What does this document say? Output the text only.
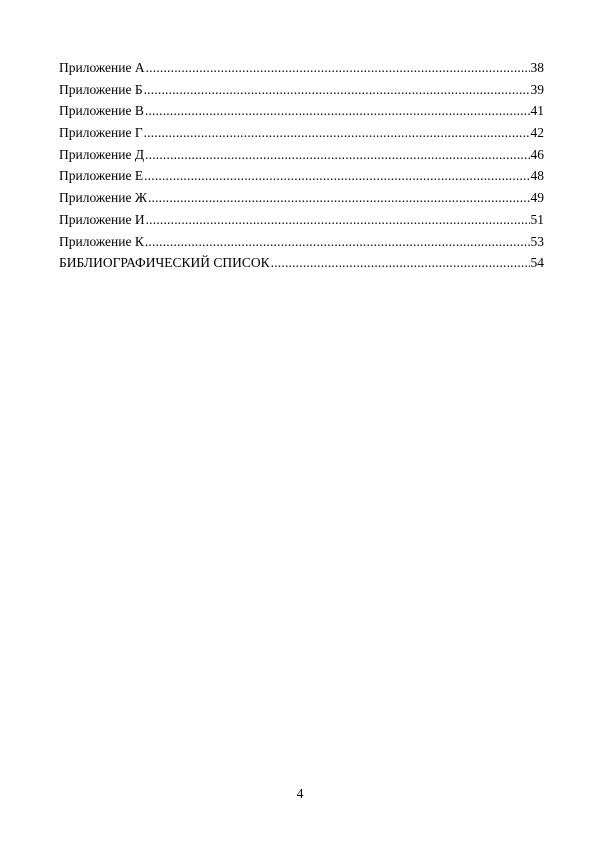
Приложение А .....	38
Приложение Б .....	39
Приложение В .....	41
Приложение Г .....	42
Приложение Д .....	46
Приложение Е .....	48
Приложение Ж .....	49
Приложение И .....	51
Приложение К .....	53
БИБЛИОГРАФИЧЕСКИЙ СПИСОК .....	54
4
